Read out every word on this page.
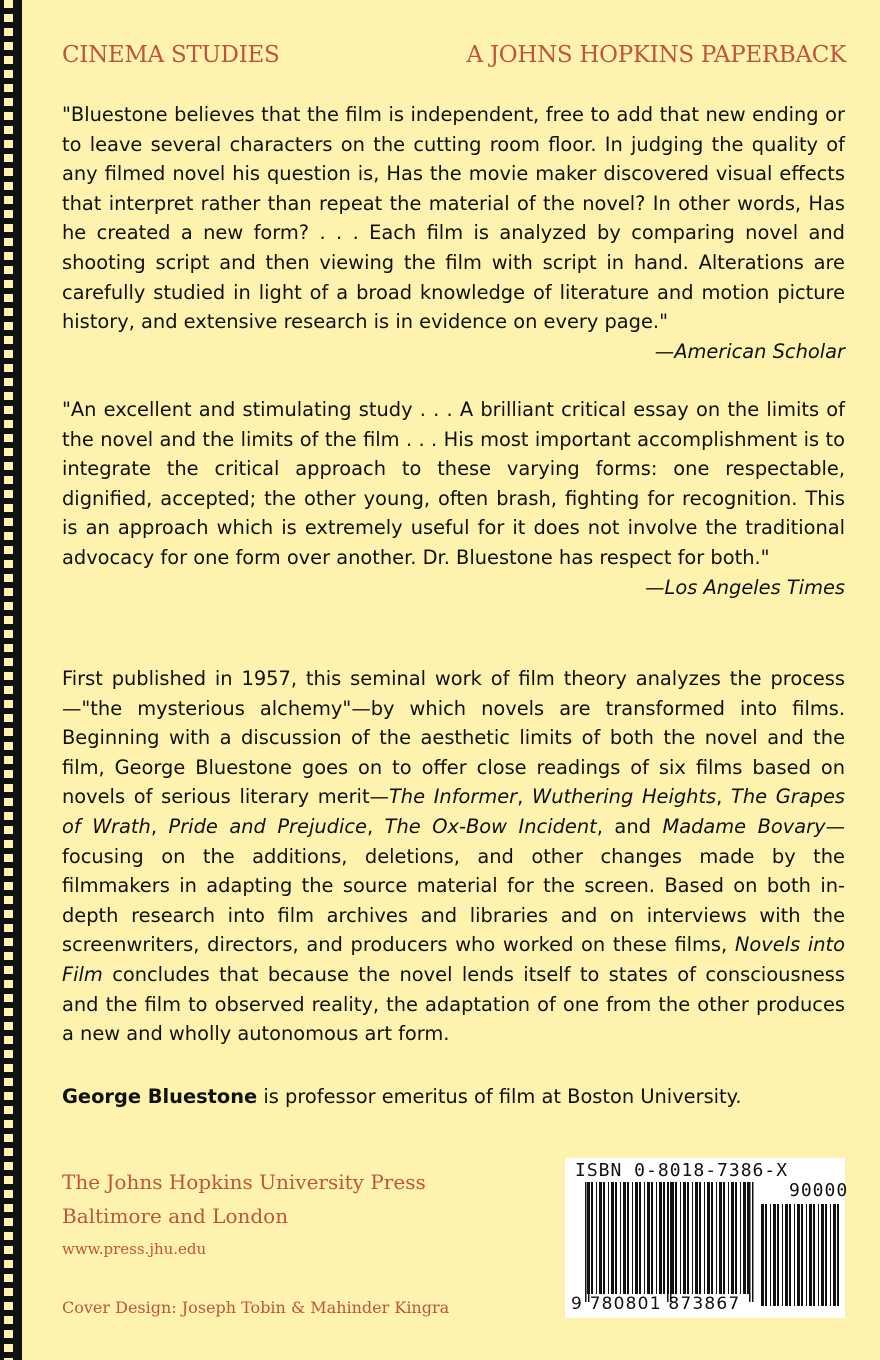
CINEMA STUDIES	A JOHNS HOPKINS PAPERBACK

"Bluestone believes that the film is independent, free to add that new ending or to leave several characters on the cutting room floor. In judging the quality of any filmed novel his question is, Has the movie maker discovered visual effects that interpret rather than repeat the material of the novel? In other words, Has he created a new form? . . . Each film is analyzed by comparing novel and shooting script and then viewing the film with script in hand. Alterations are carefully studied in light of a broad knowledge of literature and motion picture history, and extensive research is in evidence on every page."

—American Scholar

"An excellent and stimulating study . . . A brilliant critical essay on the limits of the novel and the limits of the film . . . His most important accomplishment is to integrate the critical approach to these varying forms: one respectable, dignified, accepted; the other young, often brash, fighting for recognition. This is an approach which is extremely useful for it does not involve the traditional advocacy for one form over another. Dr. Bluestone has respect for both."

—Los Angeles Times
First published in 1957, this seminal work of film theory analyzes the process—"the mysterious alchemy"—by which novels are transformed into films. Beginning with a discussion of the aesthetic limits of both the novel and the film, George Bluestone goes on to offer close readings of six films based on novels of serious literary merit—The Informer, Wuthering Heights, The Grapes of Wrath, Pride and Prejudice, The Ox-Bow Incident, and Madame Bovary—focusing on the additions, deletions, and other changes made by the filmmakers in adapting the source material for the screen. Based on both in-depth research into film archives and libraries and on interviews with the screenwriters, directors, and producers who worked on these films, Novels into Film concludes that because the novel lends itself to states of consciousness and the film to observed reality, the adaptation of one from the other produces a new and wholly autonomous art form.
George Bluestone is professor emeritus of film at Boston University.
The Johns Hopkins University Press
Baltimore and London
www.press.jhu.edu
Cover Design: Joseph Tobin & Mahinder Kingra
ISBN 0-8018-7386-X
90000
9 780801 873867
